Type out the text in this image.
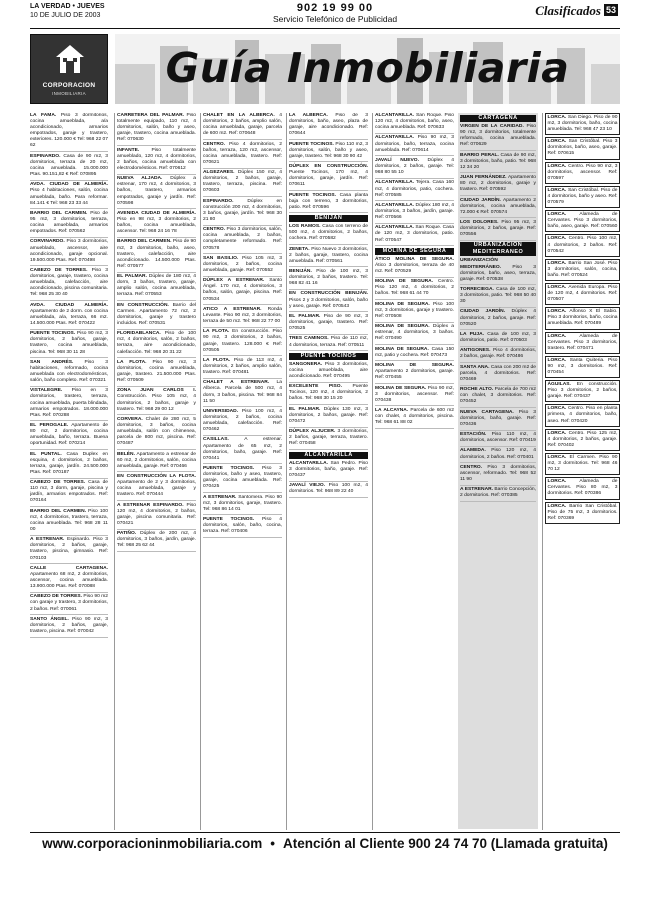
LA VERDAD • JUEVES
10 DE JULIO DE 2003
902 19 99 00
Servicio Telefónico de Publicidad
Clasificados 53
CORPORACION
INMOBILIARIA
Guía Inmobiliaria
LA FAMA. Piso 3 dormitorios, cocina amueblada, a/a acondicionado, armarios empotrados, garaje y trastero, exteriores. 120.000 € Tel: 968 22 07 62
ESPINARDO. Casa de 90 m2, 3 dormitorios, terraza de 20 m2, cocina amueblada. 15.000.000 Ptas. 90.151,82 € Ref: 070895
AVDA. CIUDAD DE ALMERÍA. Piso 4 habitaciones, salón, cocina amueblada, baño. Para reformar. 84.141 € Tel: 968 23 33 44
BARRIO DEL CARMEN. Piso de 95 m2, 3 dormitorios, terraza, cocina amueblada, armarios empotrados. Ref: 070562
CORVINARDO. Piso 3 dormitorios, amueblado, ascensor, aire acondicionado, garaje opcional. 19.500.000 Ptas. Ref: 070498
CABEZO DE TORRES. Piso 3 dormitorios, garaje, trastero, cocina amueblada, calefacción, aire acondicionado, piscina comunitaria. Tel: 968 25 30 40
AVDA. CIUDAD ALMERÍA. Apartamento de 2 dorm. con cocina amueblada, a/a, terraza, 66 m2. 14.500.000 Ptas. Ref: 070422
PUENTE TOCINOS. Piso 90 m2, 3 dormitorios, 2 baños, garaje, trastero, cocina amueblada, piscina. Tel: 968 30 11 28
SAN ANDRÉS. Piso 3 habitaciones, reformado, cocina amueblada con electrodomésticos, salón, baño completo. Ref: 070321
VISTALEGRE. Piso en 3 dormitorios, trastero, terraza, cocina amueblada, puerta blindada, armarios empotrados. 18.000.000 Ptas. Ref: 070288
EL PEROGALE. Apartamento de 80 m2, 2 dormitorios, cocina amueblada, baño, terraza. Buena oportunidad. Ref: 070214
EL PUNTAL. Casa Duplex en esquina, 4 dormitorios, 2 baños, terraza, garaje, jardín. 24.500.000 Ptas. Ref: 070187
CABEZO DE TORRES. Casa de 110 m2, 3 dorm, garaje, piscina y jardín, armarios empotrados. Ref: 070164
BARRIO DEL CARMEN. Piso 100 m2, 4 dormitorios, trastero, terraza, cocina amueblada. Tel: 968 28 11 00
A ESTRENAR. Espinardo. Piso 3 dormitorios, 2 baños, garaje, trastero, piscina, gimnasio. Ref: 070103
CALLE CARTAGENA. Apartamento 68 m2, 2 dormitorios, ascensor, cocina amueblada. 13.900.000 Ptas. Ref: 070088
CABEZO DE TORRES. Piso 90 m2 con garaje y trastero, 3 dormitorios, 2 baños. Ref: 070061
SANTO ÁNGEL. Piso 90 m2, 3 dormitorios, 2 baños, garaje, trastero, piscina. Ref: 070042
CARRETERA DEL PALMAR. Piso totalmente equipado, 110 m2, 4 dormitorios, salón, baño y aseo, garaje, trastero, cocina amueblada. Ref: 070630
INFANTE. Piso totalmente amueblado, 120 m2, 4 dormitorios, 2 baños, cocina amueblada con electrodomésticos. Ref: 070612
NUEVA ALJADA. Dúplex a estrenar, 170 m2, 4 dormitorios, 3 baños, trastero, armarios empotrados, garaje y jardín. Ref: 070598
AVENIDA CIUDAD DE ALMERÍA. Piso en 98 m2, 3 dormitorios, 2 baños, cocina amueblada, ascensor. Tel: 968 24 16 78
BARRIO DEL CARMEN. Piso de 90 m2, 3 dormitorios, baño, aseo, trastero, calefacción, aire acondicionado. 14.500.000 Ptas. Ref: 070577
EL PALMAR. Dúplex de 180 m2, 4 dorm, 3 baños, trastero, garaje, amplio salón, cocina amueblada, terraza. Ref: 070553
EN CONSTRUCCIÓN. Barrio del Carmen. Apartamento 72 m2, 2 dormitorios, garaje y trastero incluidos. Ref: 070531
FLORIDABLANCA. Piso de 100 m2, 4 dormitorios, salón, 2 baños, terraza, aire acondicionado, calefacción. Tel: 968 20 31 22
LA FLOTA. Piso 90 m2, 3 dormitorios, cocina amueblada, garaje, trastero. 21.500.000 Ptas. Ref: 070509
ZONA JUAN CARLOS I. Construcción. Piso 105 m2, 4 dormitorios, 2 baños, garaje y trastero. Tel: 968 29 00 12
CORVERA. Chalet de 280 m2, 5 dormitorios, 3 baños, cocina amueblada, salón con chimenea, parcela de 800 m2, piscina. Ref: 070487
BELÉN. Apartamento a estrenar de 60 m2, 2 dormitorios, salón, cocina amueblada, garaje. Ref: 070466
EN CONSTRUCCIÓN LA FLOTA. Apartamento de 2 y 3 dormitorios, cocina amueblada, garaje y trastero. Ref: 070444
A ESTRENAR ESPINARDO. Piso 120 m2, 4 dormitorios, 2 baños, garaje, piscina comunitaria. Ref: 070421
PATIÑO. Dúplex de 200 m2, 4 dormitorios, 3 baños, jardín, garaje. Tel: 968 25 62 44
CHALET EN LA ALBERCA. 4 dormitorios, 2 baños, amplio salón, cocina amueblada, garaje, parcela de 600 m2. Ref: 070648
CENTRO. Piso 4 dormitorios, 2 baños, terraza, 120 m2, ascensor, cocina amueblada, trastero. Ref: 070621
ALGEZARES. Dúplex 150 m2, 4 dormitorios, 2 baños, garaje, trastero, terraza, piscina. Ref: 070603
ESPINARDO. Dúplex en construcción 200 m2, 4 dormitorios, 3 baños, garaje, jardín. Tel: 968 30 21 80
CENTRO. Piso 3 dormitorios, salón, cocina amueblada, 2 baños, completamente reformado. Ref: 070578
SAN BASILIO. Piso 105 m2, 3 dormitorios, 2 baños, cocina amueblada, garaje. Ref: 070552
DÚPLEX A ESTRENAR. Santo Ángel. 170 m2, 4 dormitorios, 3 baños, salón, garaje, piscina. Ref: 070534
ATICO A ESTRENAR. Ronda Levante. Piso 90 m2, 3 dormitorios, terraza de 50 m2. Tel: 968 22 77 00
LA FLOTA. En construcción. Piso 90 m2, 3 dormitorios, 2 baños, garaje, trastero. 128.000 € Ref: 070505
LA FLOTA. Piso de 113 m2, 4 dormitorios, 2 baños, amplio salón, trastero. Ref: 070481
CHALET A ESTRENAR. La Alberca. Parcela de 500 m2, 4 dorm, 3 baños, piscina. Tel: 968 84 11 50
UNIVERSIDAD. Piso 100 m2, 4 dormitorios, 2 baños, cocina amueblada, calefacción. Ref: 070462
CASILLAS. A estrenar. Apartamento de 65 m2, 2 dormitorios, baño, garaje. Ref: 070441
PUENTE TOCINOS. Piso 3 dormitorios, baño y aseo, trastero, garaje, cocina amueblada. Ref: 070425
A ESTRENAR. Santomera. Piso 90 m2, 3 dormitorios, garaje, trastero. Tel: 968 86 14 01
PUENTE TOCINOS. Piso 4 dormitorios, salón, baño, cocina, terraza. Ref: 070406
LA ALBERCA. Piso de 3 dormitorios, baño, aseo, plaza de garaje, aire acondicionado. Ref: 070644
PUENTE TOCINOS. Piso 110 m2, 3 dormitorios, salón, baño y aseo, garaje, trastero. Tel: 968 30 90 42
DÚPLEX EN CONSTRUCCIÓN. Puente Tocinos, 170 m2, 4 dormitorios, garaje, jardín. Ref: 070611
PUENTE TOCINOS. Casa planta baja con terreno, 3 dormitorios, patio. Ref: 070596
BENIJAN
LOS RAMOS. Casa con terreno de 500 m2, 4 dormitorios, 2 baños, cochera. Ref: 070582
ZENETA. Piso Nuevo 3 dormitorios, 2 baños, garaje, trastero, cocina amueblada. Ref: 070561
BENIJÁN. Piso de 100 m2, 3 dormitorios, 2 baños, trastero. Tel: 968 82 41 16
EN CONSTRUCCIÓN BENIJÁN. Pisos 2 y 3 dormitorios, salón, baño y aseo, garaje. Ref: 070543
EL PALMAR. Piso de 90 m2, 3 dormitorios, garaje, trastero. Ref: 070525
TRES CAMINOS. Piso de 110 m2, 4 dormitorios, terraza. Ref: 070511
PUENTE TOCINOS
SANGONERA. Piso 3 dormitorios, cocina amueblada, aire acondicionado. Ref: 070495
EXCELENTE PISO. Puente Tocinos, 120 m2, 4 dormitorios, 2 baños. Tel: 968 30 15 20
EL PALMAR. Dúplex 130 m2, 3 dormitorios, 2 baños, garaje. Ref: 070472
DÚPLEX ALJUCER. 3 dormitorios, 2 baños, garaje, terraza, trastero. Ref: 070458
ALCANTARILLA
ALCANTARILLA. San Pedro. Piso 3 dormitorios, baño, garaje. Ref: 070437
JAVALÍ VIEJO. Piso 100 m2, 4 dormitorios. Tel: 968 89 22 40
ALCANTARILLA. San Roque. Piso 120 m2, 4 dormitorios, baño, aseo, cocina amueblada. Ref: 070633
ALCANTARILLA. Piso 90 m2, 3 dormitorios, baño, terraza, cocina amueblada. Ref: 070614
JAVALÍ NUEVO. Dúplex 4 dormitorios, 2 baños, garaje. Tel: 968 80 55 10
ALCANTARILLA. Tejera. Casa 160 m2, 4 dormitorios, patio, cochera. Ref: 070585
ALCANTARILLA. Dúplex 180 m2, 4 dormitorios, 3 baños, jardín, garaje. Ref: 070566
ALCANTARILLA. San Roque. Casa de 120 m2, 3 dormitorios, patio. Ref: 070547
MOLINA DE SEGURA
ÁTICO MOLINA DE SEGURA. Ático 3 dormitorios, terraza de 40 m2. Ref: 070529
MOLINA DE SEGURA. Centro. Piso 120 m2, 4 dormitorios, 2 baños. Tel: 968 61 44 70
MOLINA DE SEGURA. Piso 100 m2, 3 dormitorios, garaje y trastero. Ref: 070508
MOLINA DE SEGURA. Dúplex a estrenar, 4 dormitorios, 3 baños. Ref: 070490
MOLINA DE SEGURA. Casa 150 m2, patio y cochera. Ref: 070473
MOLINA DE SEGURA. Apartamento 2 dormitorios, garaje. Ref: 070455
MOLINA DE SEGURA. Piso 90 m2, 3 dormitorios, ascensor. Ref: 070438
LA ALCAYNA. Parcela de 600 m2 con chalet, 4 dormitorios, piscina. Tel: 968 61 88 02
CARTAGENA
VIRGEN DE LA CARIDAD. Piso 90 m2, 3 dormitorios, totalmente reformado, cocina amueblada. Ref: 070629
BARRIO PERAL. Casa de 90 m2, 3 dormitorios, baño, patio. Tel: 968 12 34 20
JUAN FERNÁNDEZ. Apartamento 80 m2, 2 dormitorios, garaje y trastero. Ref: 070592
CIUDAD JARDÍN. Apartamento 2 dormitorios, cocina amueblada, 72.000 € Ref: 070574
LOS DOLORES. Piso 95 m2, 3 dormitorios, 2 baños, garaje. Ref: 070556
URBANIZACION MEDITERRANEO
URBANIZACIÓN MEDITERRÁNEO. Piso 3 dormitorios, baño, aseo, terraza, garaje. Ref: 070538
TORRECIEGA. Casa de 100 m2, 3 dormitorios, patio. Tel: 968 50 40 30
CIUDAD JARDÍN. Dúplex 4 dormitorios, 2 baños, garaje. Ref: 070520
LA PUJA. Casa de 100 m2, 3 dormitorios, patio. Ref: 070503
ANTIGONES. Piso 4 dormitorios, 2 baños, garaje. Ref: 070486
SANTA ANA. Casa con 200 m2 de parcela, 4 dormitorios. Ref: 070469
ROCHE ALTO. Parcela de 700 m2 con chalet, 3 dormitorios. Ref: 070452
NUEVA CARTAGENA. Piso 3 dormitorios, baño, garaje. Ref: 070436
ESTACIÓN. Piso 110 m2, 4 dormitorios, ascensor. Ref: 070419
ALAMEDA. Piso 120 m2, 4 dormitorios, 2 baños. Ref: 070401
CENTRO. Piso 3 dormitorios, ascensor, reformado. Tel: 968 52 11 90
A ESTRENAR. Barrio Concepción, 2 dormitorios. Ref: 070385
LORCA. San Diego. Piso de 90 m2, 3 dormitorios, baño, cocina amueblada. Tel: 968 47 23 10
LORCA. San Cristóbal. Piso 3 dormitorios, baño, aseo, garaje. Ref: 070615
LORCA. Centro. Piso 90 m2, 3 dormitorios, ascensor. Ref: 070597
LORCA. San Cristóbal. Piso de 4 dormitorios, baño y aseo. Ref: 070579
LORCA. Alameda de Cervantes. Piso 3 dormitorios, baño, aseo, garaje. Ref: 070560
LORCA. Centro. Piso 100 m2, 4 dormitorios, 2 baños. Ref: 070542
LORCA. Barrio San José. Piso 3 dormitorios, salón, cocina, baño. Ref: 070524
LORCA. Avenida Europa. Piso de 120 m2, 4 dormitorios. Ref: 070507
LORCA. Alfonso X El Sabio. Piso 3 dormitorios, baño, cocina amueblada. Ref: 070489
LORCA. Alameda de Cervantes. Piso 3 dormitorios, trastero. Ref: 070471
LORCA. Santa Quiteria. Piso 90 m2, 3 dormitorios. Ref: 070454
ÁGUILAS. En construcción. Piso 3 dormitorios, 2 baños, garaje. Ref: 070437
LORCA. Centro. Piso en planta primera, 4 dormitorios, baño, aseo. Ref: 070420
LORCA. Centro. Piso 125 m2, 4 dormitorios, 2 baños, garaje. Ref: 070402
LORCA. El Carmen. Piso 90 m2, 3 dormitorios. Tel: 968 46 70 12
LORCA. Alameda de Cervantes. Piso 80 m2, 3 dormitorios. Ref: 070386
LORCA. Barrio San Cristóbal. Piso de 75 m2, 3 dormitorios. Ref: 070369
www.corporacioninmobiliaria.com • Atención al Cliente 900 24 74 70 (Llamada gratuita)
